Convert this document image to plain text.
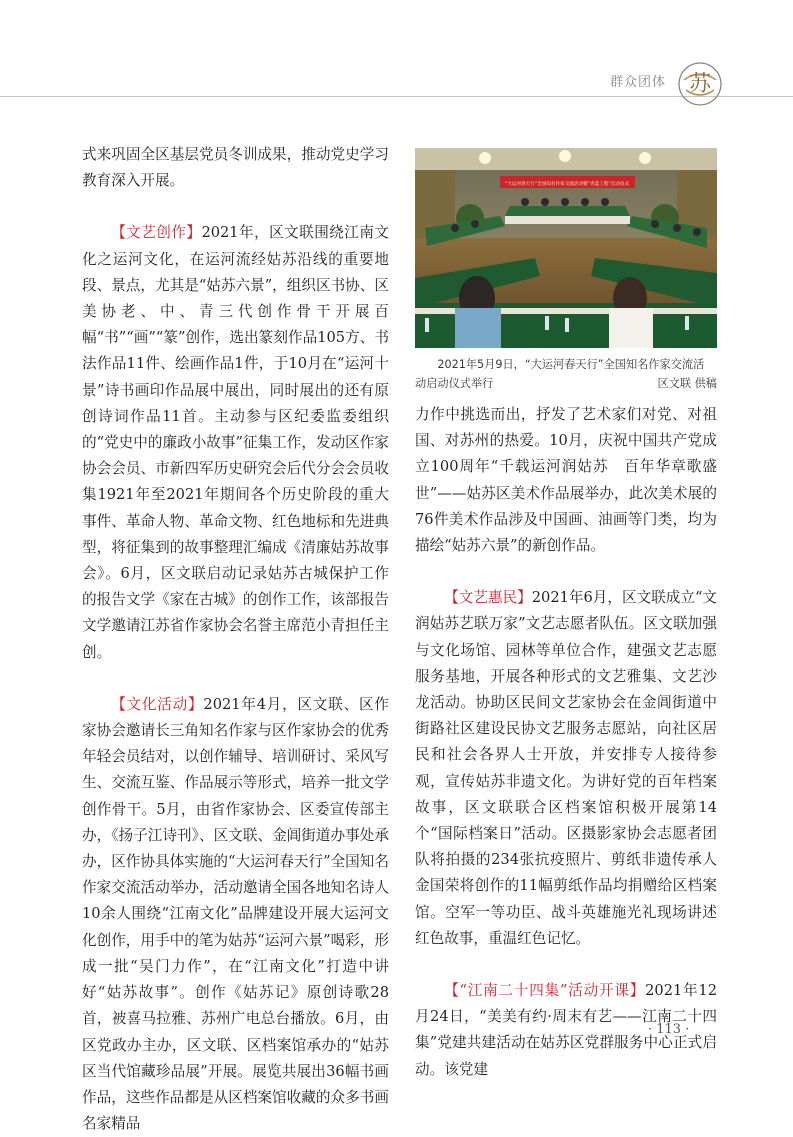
群众团体	苏

式来巩固全区基层党员冬训成果，推动党史学习教育深入开展。

【文艺创作】2021年，区文联围绕江南文化之运河文化，在运河流经姑苏沿线的重要地段、景点，尤其是“姑苏六景”，组织区书协、区美协老、中、青三代创作骨干开展百幅“书”“画”“篆”创作，选出篆刻作品105方、书法作品11件、绘画作品1件，于10月在“运河十景”诗书画印作品展中展出，同时展出的还有原创诗词作品11首。主动参与区纪委监委组织的“党史中的廉政小故事”征集工作，发动区作家协会会员、市新四军历史研究会后代分会会员收集1921年至2021年期间各个历史阶段的重大事件、革命人物、革命文物、红色地标和先进典型，将征集到的故事整理汇编成《清廉姑苏故事会》。6月，区文联启动记录姑苏古城保护工作的报告文学《家在古城》的创作工作，该部报告文学邀请江苏省作家协会名誉主席范小青担任主创。

【文化活动】2021年4月，区文联、区作家协会邀请长三角知名作家与区作家协会的优秀年轻会员结对，以创作辅导、培训研讨、采风写生、交流互鉴、作品展示等形式，培养一批文学创作骨干。5月，由省作家协会、区委宣传部主办，《扬子江诗刊》、区文联、金阊街道办事处承办，区作协具体实施的“大运河春天行”全国知名作家交流活动举办，活动邀请全国各地知名诗人10余人围绕“江南文化”品牌建设开展大运河文化创作，用手中的笔为姑苏“运河六景”喝彩，形成一批“吴门力作”，在“江南文化”打造中讲好“姑苏故事”。创作《姑苏记》原创诗歌28首，被喜马拉雅、苏州广电总台播放。6月，由区党政办主办，区文联、区档案馆承办的“姑苏区当代馆藏珍品展”开展。展览共展出36幅书画作品，这些作品都是从区档案馆收藏的众多书画名家精品

“大运河春天行”全国知名作家交流活动暨“青蓝工程”启动仪式
2021年5月9日，“大运河春天行”全国知名作家交流活
动启动仪式举行	区文联 供稿

力作中挑选而出，抒发了艺术家们对党、对祖国、对苏州的热爱。10月，庆祝中国共产党成立100周年“千载运河润姑苏　百年华章歌盛世”——姑苏区美术作品展举办，此次美术展的76件美术作品涉及中国画、油画等门类，均为描绘“姑苏六景”的新创作品。

【文艺惠民】2021年6月，区文联成立“文润姑苏艺联万家”文艺志愿者队伍。区文联加强与文化场馆、园林等单位合作，建强文艺志愿服务基地，开展各种形式的文艺雅集、文艺沙龙活动。协助区民间文艺家协会在金阊街道中街路社区建设民协文艺服务志愿站，向社区居民和社会各界人士开放，并安排专人接待参观，宣传姑苏非遗文化。为讲好党的百年档案故事，区文联联合区档案馆积极开展第14个“国际档案日”活动。区摄影家协会志愿者团队将拍摄的234张抗疫照片、剪纸非遗传承人金国荣将创作的11幅剪纸作品均捐赠给区档案馆。空军一等功臣、战斗英雄施光礼现场讲述红色故事，重温红色记忆。

【“江南二十四集”活动开课】2021年12月24日，“美美有约·周末有艺——江南二十四集”党建共建活动在姑苏区党群服务中心正式启动。该党建

· 113 ·
